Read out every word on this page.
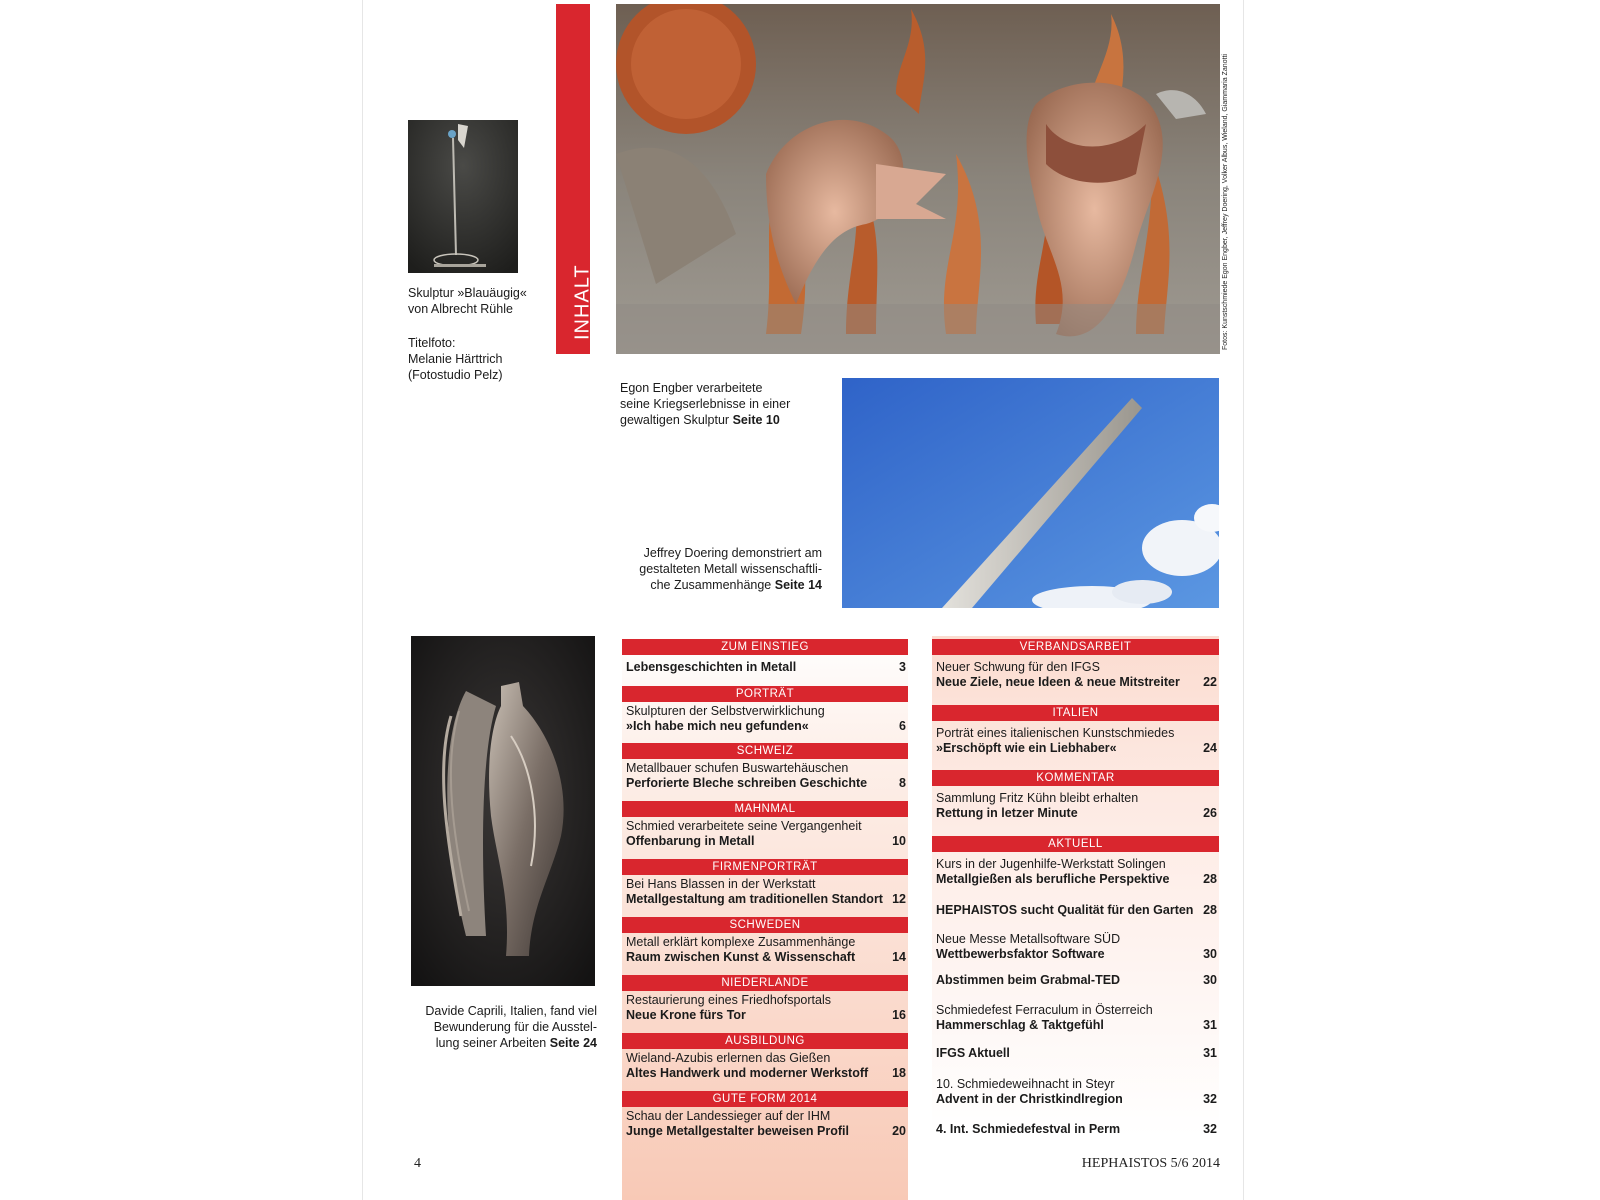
Skulptur »Blauäugig«
von Albrecht Rühle
Titelfoto:
Melanie Härttrich
(Fotostudio Pelz)
INHALT	Fotos: Kunstschmiede Egon Engber, Jeffrey Doering, Volker Albus, Wieland, Giammaria Zanotti
Egon Engber verarbeitete
seine Kriegserlebnisse in einer
gewaltigen Skulptur Seite 10
Jeffrey Doering demonstriert am
gestalteten Metall wissenschaftli-
che Zusammenhänge Seite 14
Davide Caprili, Italien, fand viel
Bewunderung für die Ausstel-
lung seiner Arbeiten Seite 24
ZUM EINSTIEG
Lebensgeschichten in Metall	3
PORTRÄT
Skulpturen der Selbstverwirklichung
»Ich habe mich neu gefunden«	6
SCHWEIZ
Metallbauer schufen Buswartehäuschen
Perforierte Bleche schreiben Geschichte	8
MAHNMAL
Schmied verarbeitete seine Vergangenheit
Offenbarung in Metall	10
FIRMENPORTRÄT
Bei Hans Blassen in der Werkstatt
Metallgestaltung am traditionellen Standort 12
SCHWEDEN
Metall erklärt komplexe Zusammenhänge
Raum zwischen Kunst & Wissenschaft	14
NIEDERLANDE
Restaurierung eines Friedhofsportals
Neue Krone fürs Tor	16
AUSBILDUNG
Wieland-Azubis erlernen das Gießen
Altes Handwerk und moderner Werkstoff	18
GUTE FORM 2014
Schau der Landessieger auf der IHM
Junge Metallgestalter beweisen Profil	20
VERBANDSARBEIT
Neuer Schwung für den IFGS
Neue Ziele, neue Ideen & neue Mitstreiter	22
ITALIEN
Porträt eines italienischen Kunstschmiedes
»Erschöpft wie ein Liebhaber«	24
KOMMENTAR
Sammlung Fritz Kühn bleibt erhalten
Rettung in letzer Minute	26
AKTUELL
Kurs in der Jugenhilfe-Werkstatt Solingen
Metallgießen als berufliche Perspektive	28
HEPHAISTOS sucht Qualität für den Garten 28
Neue Messe Metallsoftware SÜD
Wettbewerbsfaktor Software	30
Abstimmen beim Grabmal-TED	30
Schmiedefest Ferraculum in Österreich
Hammerschlag & Taktgefühl	31
IFGS Aktuell	31
10. Schmiedeweihnacht in Steyr
Advent in der Christkindlregion	32
4. Int. Schmiedefestval in Perm	32
4	HEPHAISTOS 5/6 2014
